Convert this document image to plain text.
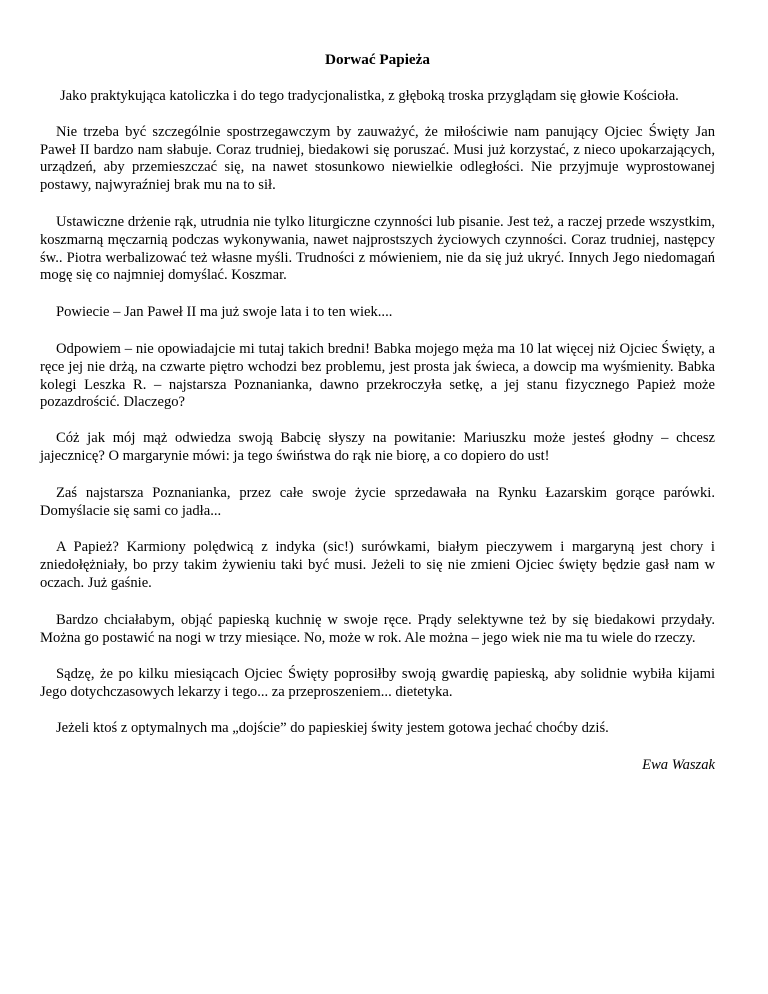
Dorwać Papieża

Jako praktykująca katoliczka i do tego tradycjonalistka, z głęboką troska przyglądam się głowie Kościoła.

Nie trzeba być szczególnie spostrzegawczym by zauważyć, że miłościwie nam panujący Ojciec Święty Jan Paweł II bardzo nam słabuje. Coraz trudniej, biedakowi się poruszać. Musi już korzystać, z nieco upokarzających, urządzeń, aby przemieszczać się, na nawet stosunkowo niewielkie odległości. Nie przyjmuje wyprostowanej postawy, najwyraźniej brak mu na to sił.

Ustawiczne drżenie rąk, utrudnia nie tylko liturgiczne czynności lub pisanie. Jest też, a raczej przede wszystkim, koszmarną męczarnią podczas wykonywania, nawet najprostszych życiowych czynności. Coraz trudniej, następcy św.. Piotra werbalizować też własne myśli. Trudności z mówieniem, nie da się już ukryć. Innych Jego niedomagań mogę się co najmniej domyślać. Koszmar.

Powiecie – Jan Paweł II ma już swoje lata i to ten wiek....

Odpowiem – nie opowiadajcie mi tutaj takich bredni! Babka mojego męża ma 10 lat więcej niż Ojciec Święty, a ręce jej nie drżą, na czwarte piętro wchodzi bez problemu, jest prosta jak świeca, a dowcip ma wyśmienity. Babka kolegi Leszka R. – najstarsza Poznanianka, dawno przekroczyła setkę, a jej stanu fizycznego Papież może pozazdrościć. Dlaczego?

Cóż jak mój mąż odwiedza swoją Babcię słyszy na powitanie: Mariuszku może jesteś głodny – chcesz jajecznicę? O margarynie mówi: ja tego świństwa do rąk nie biorę, a co dopiero do ust!

Zaś najstarsza Poznanianka, przez całe swoje życie sprzedawała na Rynku Łazarskim gorące parówki. Domyślacie się sami co jadła...

A Papież? Karmiony polędwicą z indyka (sic!) surówkami, białym pieczywem i margaryną jest chory i zniedołężniały, bo przy takim żywieniu taki być musi. Jeżeli to się nie zmieni Ojciec święty będzie gasł nam w oczach. Już gaśnie.

Bardzo chciałabym, objąć papieską kuchnię w swoje ręce. Prądy selektywne też by się biedakowi przydały. Można go postawić na nogi w trzy miesiące. No, może w rok. Ale można – jego wiek nie ma tu wiele do rzeczy.

Sądzę, że po kilku miesiącach Ojciec Święty poprosiłby swoją gwardię papieską, aby solidnie wybiła kijami Jego dotychczasowych lekarzy i tego... za przeproszeniem... dietetyka.

Jeżeli ktoś z optymalnych ma „dojście” do papieskiej świty jestem gotowa jechać choćby dziś.

Ewa Waszak
